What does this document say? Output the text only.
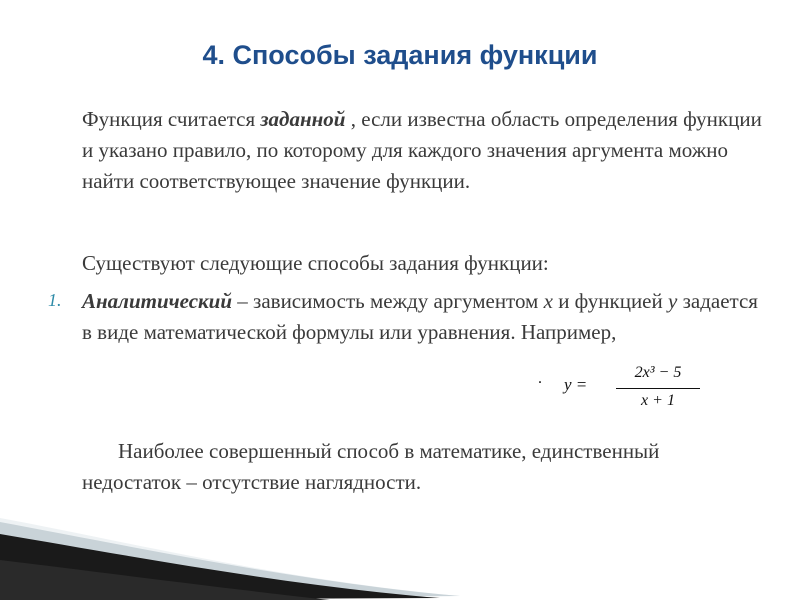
4. Способы задания функции
Функция считается заданной , если известна область определения функции и указано правило, по которому для каждого значения аргумента можно найти соответствующее значение функции.
Существуют следующие способы задания функции:
1. Аналитический – зависимость между аргументом x и функцией y задается в виде математической формулы или уравнения. Например,
. y =
2x³ − 5
x + 1
Наиболее совершенный способ в математике, единственный недостаток – отсутствие наглядности.
